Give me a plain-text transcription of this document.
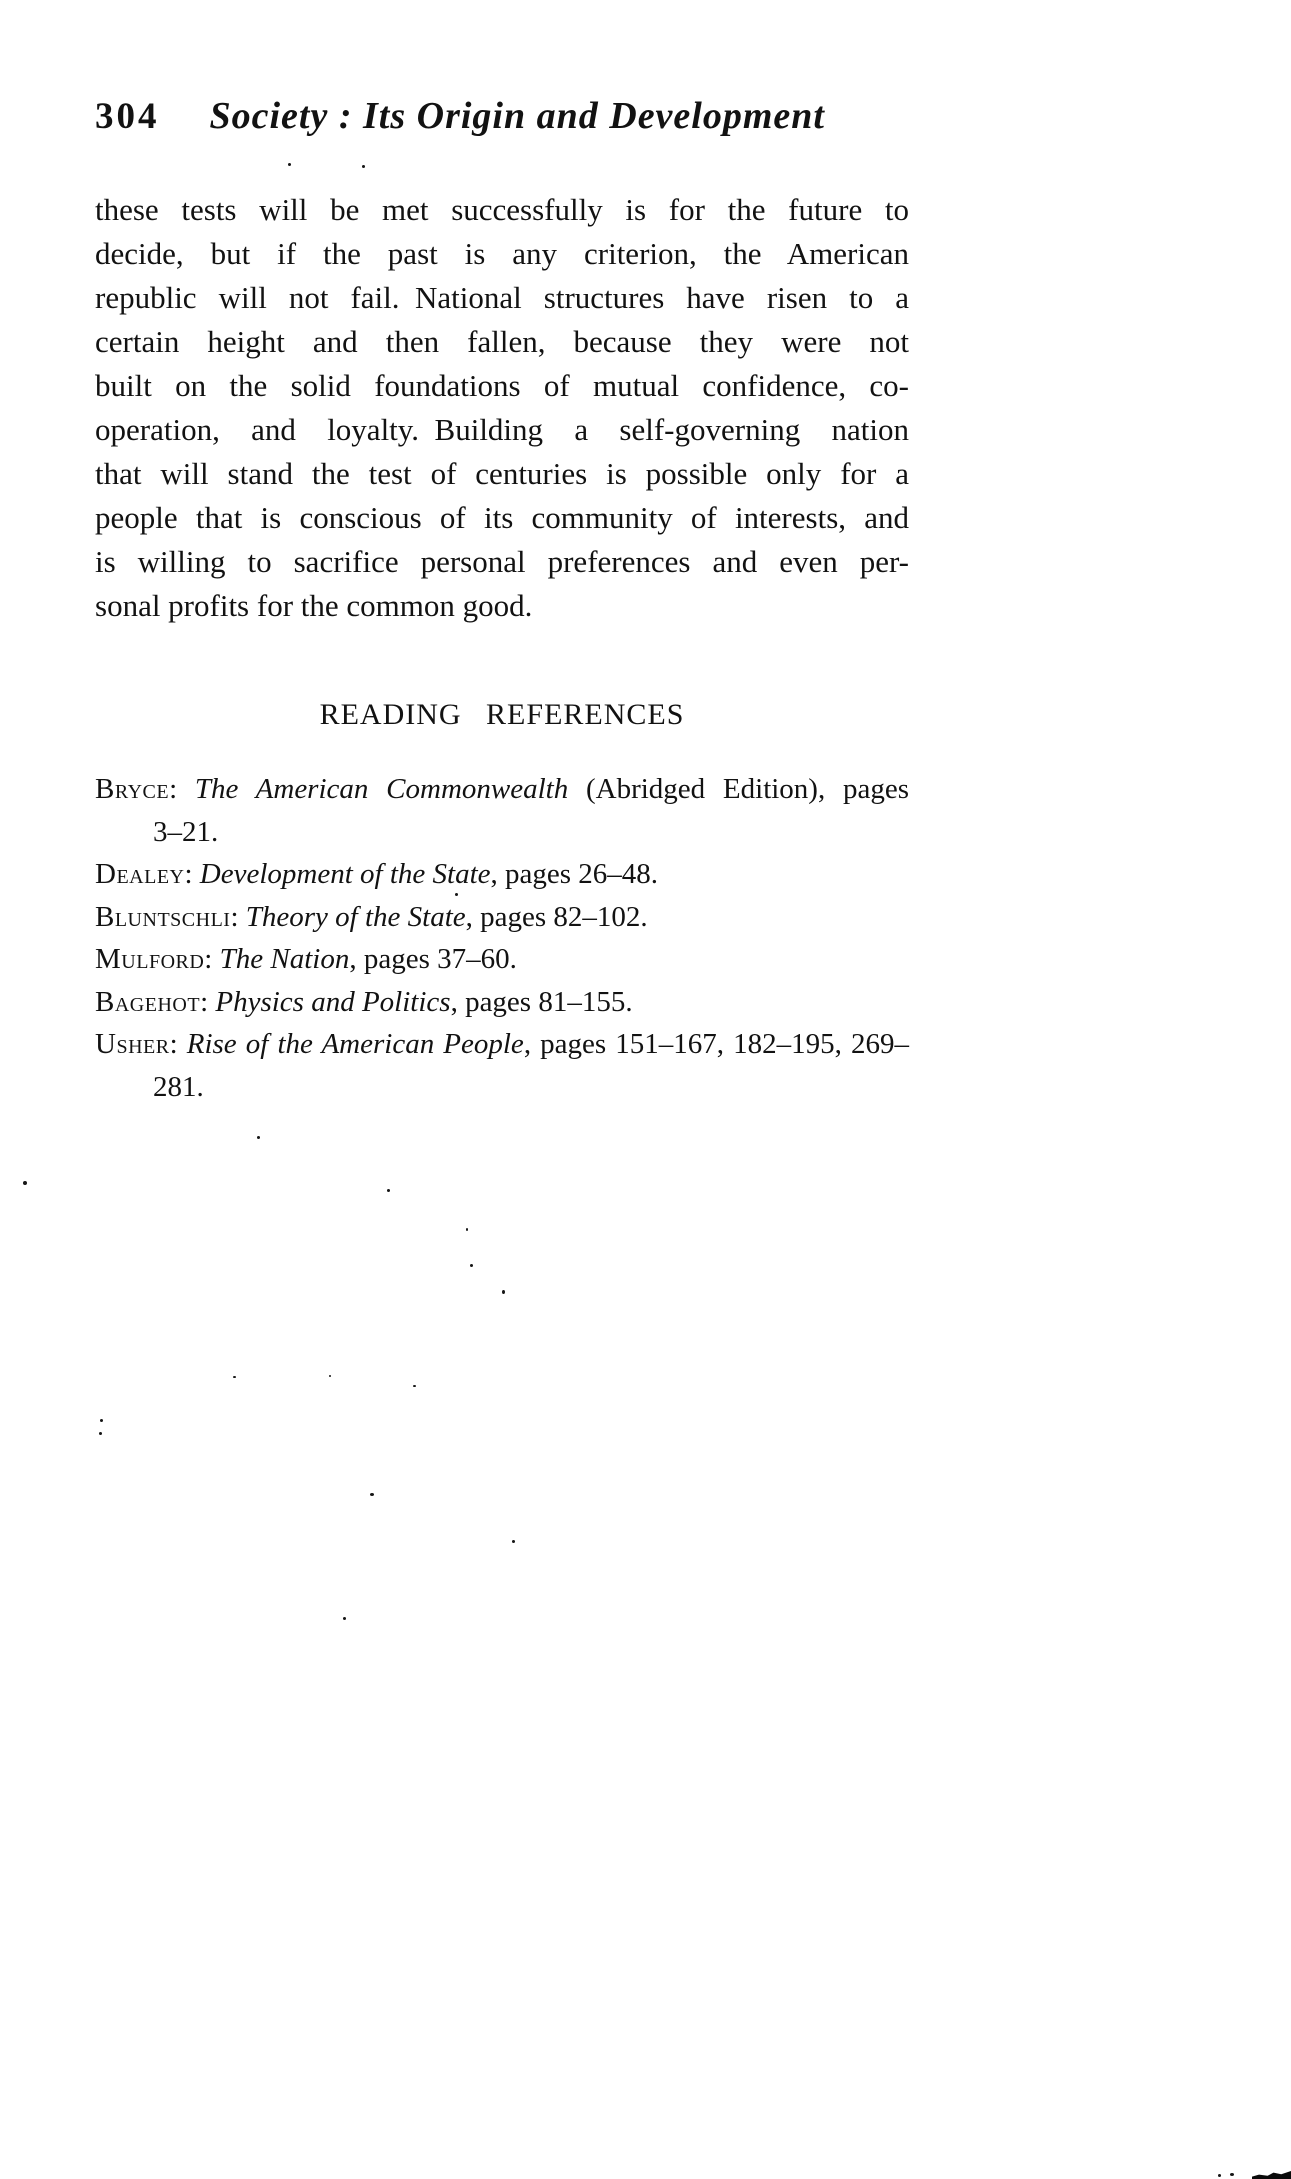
304 Society : Its Origin and Development
these tests will be met successfully is for the future to
decide, but if the past is any criterion, the American
republic will not fail. National structures have risen to a
certain height and then fallen, because they were not
built on the solid foundations of mutual confidence, co-
operation, and loyalty. Building a self-governing nation
that will stand the test of centuries is possible only for a
people that is conscious of its community of interests, and
is willing to sacrifice personal preferences and even per-
sonal profits for the common good.
READING REFERENCES
Bryce: The American Commonwealth (Abridged Edition), pages
3–21.
Dealey: Development of the State, pages 26–48.
Bluntschli: Theory of the State, pages 82–102.
Mulford: The Nation, pages 37–60.
Bagehot: Physics and Politics, pages 81–155.
Usher: Rise of the American People, pages 151–167, 182–195, 269–
281.
